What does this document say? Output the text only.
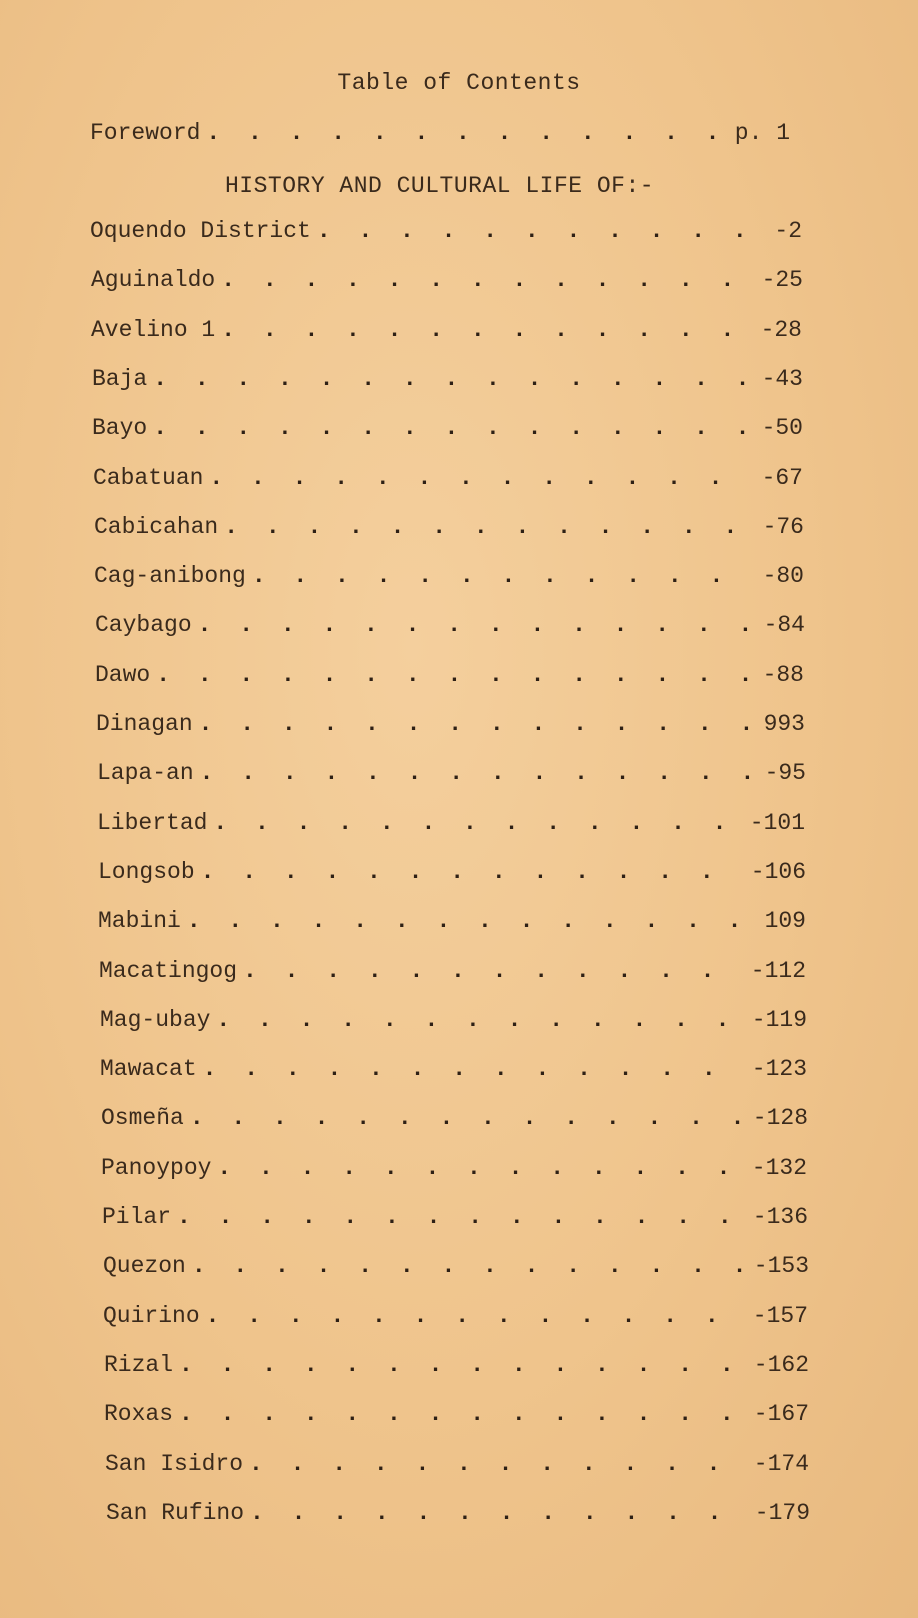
Table of Contents
Foreword . . .	p. 1
HISTORY AND CULTURAL LIFE OF:-
Oquendo District . . .	-2
Aguinaldo . . .	-25
Avelino 1 . . .	-28
Baja . . .	-43
Bayo . . .	-50
Cabatuan . . .	-67
Cabicahan . . .	-76
Cag-anibong . . .	-80
Caybago . . .	-84
Dawo . . .	-88
Dinagan . . .	993
Lapa-an . . .	-95
Libertad . . .	-101
Longsob . . .	-106
Mabini . . .	109
Macatingog . . .	-112
Mag-ubay . . .	-119
Mawacat . . .	-123
Osmeña . . .	-128
Panoypoy . . .	-132
Pilar . . .	-136
Quezon . . .	-153
Quirino . . .	-157
Rizal . . .	-162
Roxas . . .	-167
San Isidro . . .	-174
San Rufino . . .	-179
